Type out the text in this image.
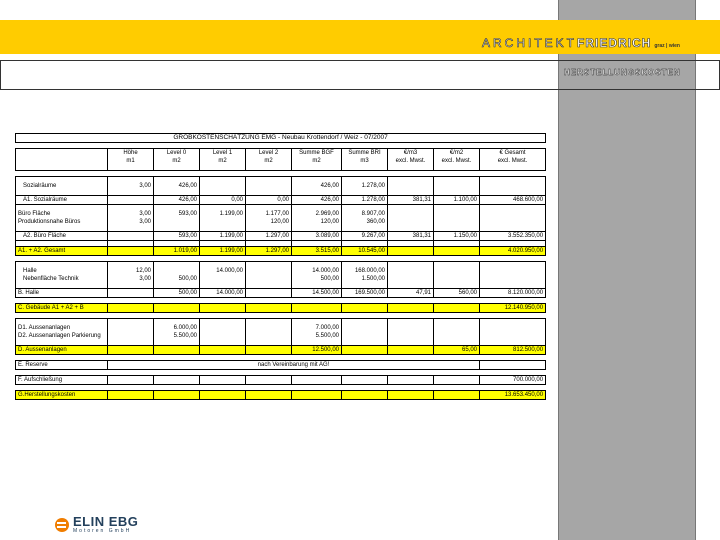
ARCHITEKTFRIEDRICH graz | wien
HERSTELLUNGSKOSTEN
GROBKOSTENSCHÄTZUNG EMG - Neubau Krottendorf / Weiz - 07/2007									

	Höhe	Level 0	Level 1	Level 2	Summe BGF	Summe BRI	€/m3	€/m2	€ Gesamt
	m1	m2	m2	m2	m2	m3	excl. Mwst.	excl. Mwst.	excl. Mwst.

Sozialräume	3,00	426,00			426,00	1.278,00			

A1. Sozialräume		426,00	0,00	0,00	426,00	1.278,00	381,31	1.100,00	468.600,00

Büro Fläche	3,00	593,00	1.199,00	1.177,00	2.969,00	8.907,00			
Produktionsnahe Büros	3,00			120,00	120,00	360,00			

A2. Büro Fläche		593,00	1.199,00	1.297,00	3.089,00	9.267,00	381,31	1.150,00	3.552.350,00

A1. + A2. Gesamt		1.019,00	1.199,00	1.297,00	3.515,00	10.545,00			4.020.950,00

Halle	12,00		14.000,00		14.000,00	168.000,00			
Nebenfläche Technik	3,00	500,00			500,00	1.500,00			

B. Halle		500,00	14.000,00		14.500,00	169.500,00	47,91	560,00	8.120.000,00

C. Gebäude A1 + A2 + B									12.140.950,00

D1. Aussenanlagen		6.000,00			7.000,00				
D2. Aussenanlagen Parkierung		5.500,00			5.500,00				

D. Aussenanlagen					12.500,00			65,00	812.500,00

E. Reserve	nach Vereinbarung mit AG!								

F. Aufschließung									700.000,00

G.Herstellungskosten									13.653.450,00
ELIN EBG
Motoren GmbH
